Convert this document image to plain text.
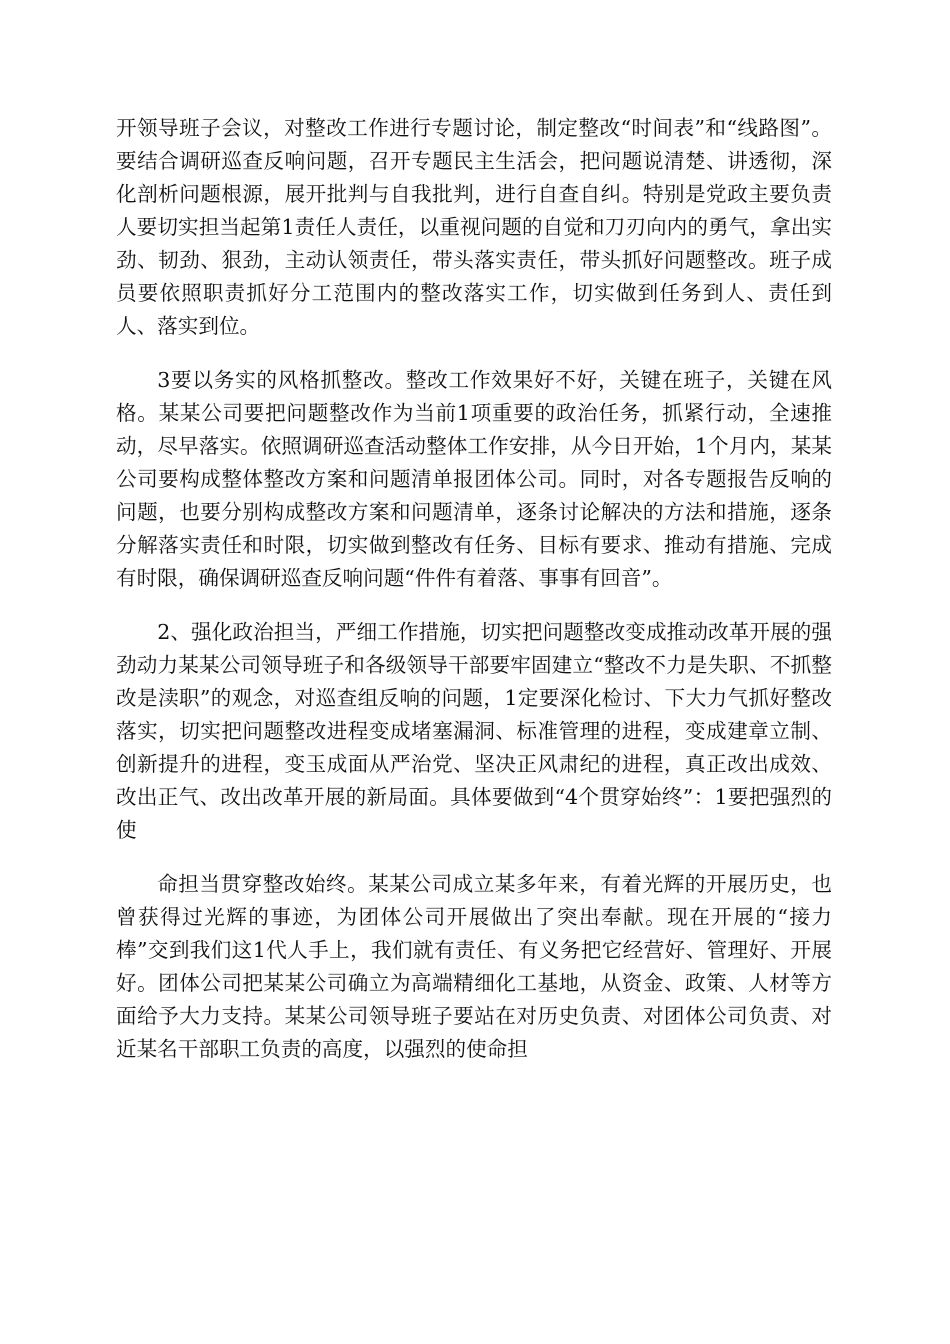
开领导班子会议，对整改工作进行专题讨论，制定整改“时间表”和“线路图”。要结合调研巡查反响问题，召开专题民主生活会，把问题说清楚、讲透彻，深化剖析问题根源，展开批判与自我批判，进行自查自纠。特别是党政主要负责人要切实担当起第1责任人责任，以重视问题的自觉和刀刃向内的勇气，拿出实劲、韧劲、狠劲，主动认领责任，带头落实责任，带头抓好问题整改。班子成员要依照职责抓好分工范围内的整改落实工作，切实做到任务到人、责任到人、落实到位。

3要以务实的风格抓整改。整改工作效果好不好，关键在班子，关键在风格。某某公司要把问题整改作为当前1项重要的政治任务，抓紧行动，全速推动，尽早落实。依照调研巡查活动整体工作安排，从今日开始，1个月内，某某公司要构成整体整改方案和问题清单报团体公司。同时，对各专题报告反响的问题，也要分别构成整改方案和问题清单，逐条讨论解决的方法和措施，逐条分解落实责任和时限，切实做到整改有任务、目标有要求、推动有措施、完成有时限，确保调研巡查反响问题“件件有着落、事事有回音”。

2、强化政治担当，严细工作措施，切实把问题整改变成推动改革开展的强劲动力某某公司领导班子和各级领导干部要牢固建立“整改不力是失职、不抓整改是渎职”的观念，对巡查组反响的问题，1定要深化检讨、下大力气抓好整改落实，切实把问题整改进程变成堵塞漏洞、标准管理的进程，变成建章立制、创新提升的进程，变玉成面从严治党、坚决正风肃纪的进程，真正改出成效、改出正气、改出改革开展的新局面。具体要做到“4个贯穿始终”：1要把强烈的使

命担当贯穿整改始终。某某公司成立某多年来，有着光辉的开展历史，也曾获得过光辉的事迹，为团体公司开展做出了突出奉献。现在开展的“接力棒”交到我们这1代人手上，我们就有责任、有义务把它经营好、管理好、开展好。团体公司把某某公司确立为高端精细化工基地，从资金、政策、人材等方面给予大力支持。某某公司领导班子要站在对历史负责、对团体公司负责、对近某名干部职工负责的高度，以强烈的使命担
